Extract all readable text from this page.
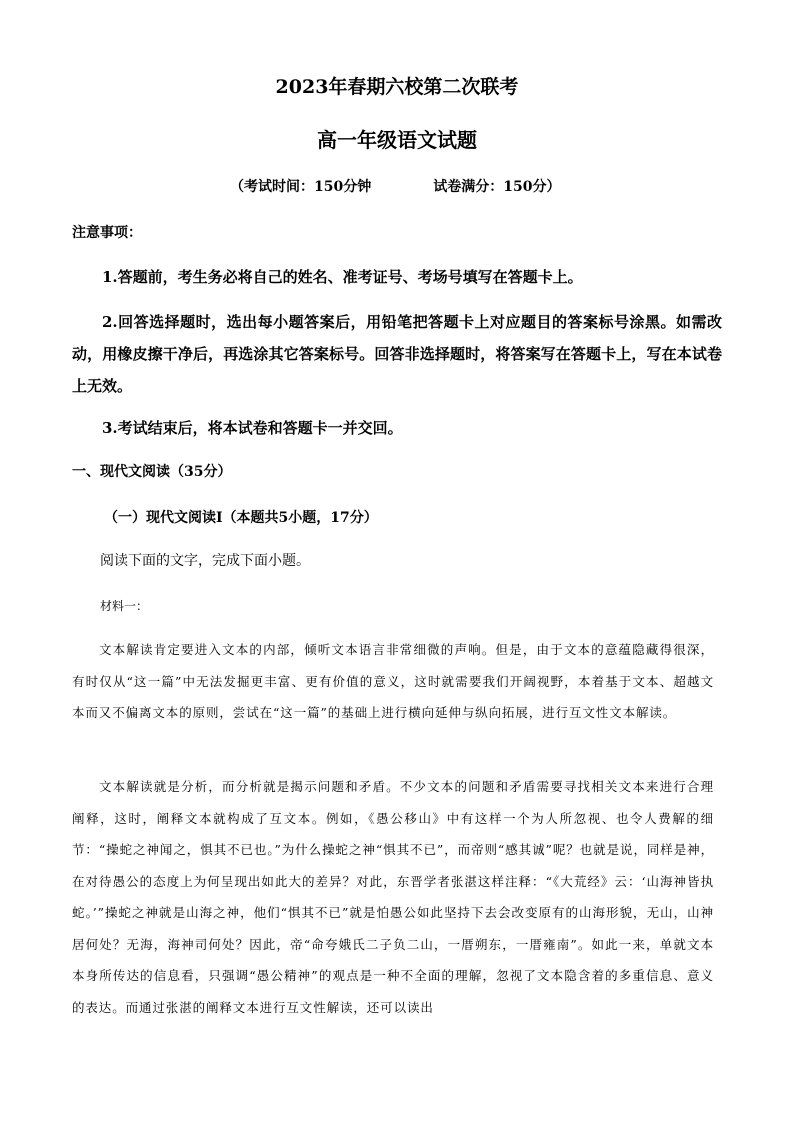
2023年春期六校第二次联考
高一年级语文试题
（考试时间：150分钟	试卷满分：150分）
注意事项：
1.答题前，考生务必将自己的姓名、准考证号、考场号填写在答题卡上。
2.回答选择题时，选出每小题答案后，用铅笔把答题卡上对应题目的答案标号涂黑。如需改动，用橡皮擦干净后，再选涂其它答案标号。回答非选择题时，将答案写在答题卡上，写在本试卷上无效。
3.考试结束后，将本试卷和答题卡一并交回。
一、现代文阅读（35分）
（一）现代文阅读Ⅰ（本题共5小题，17分）
阅读下面的文字，完成下面小题。
材料一：
文本解读肯定要进入文本的内部，倾听文本语言非常细微的声响。但是，由于文本的意蕴隐藏得很深，有时仅从“这一篇”中无法发掘更丰富、更有价值的意义，这时就需要我们开阔视野，本着基于文本、超越文本而又不偏离文本的原则，尝试在“这一篇”的基础上进行横向延伸与纵向拓展，进行互文性文本解读。
文本解读就是分析，而分析就是揭示问题和矛盾。不少文本的问题和矛盾需要寻找相关文本来进行合理阐释，这时，阐释文本就构成了互文本。例如，《愚公移山》中有这样一个为人所忽视、也令人费解的细节：“操蛇之神闻之，惧其不已也。”为什么操蛇之神“惧其不已”，而帝则“感其诚”呢？也就是说，同样是神，在对待愚公的态度上为何呈现出如此大的差异？对此，东晋学者张湛这样注释：“《大荒经》云：‘山海神皆执蛇。’”操蛇之神就是山海之神，他们“惧其不已”就是怕愚公如此坚持下去会改变原有的山海形貌，无山，山神居何处？无海，海神司何处？因此，帝“命夸娥氏二子负二山，一厝朔东，一厝雍南”。如此一来，单就文本本身所传达的信息看，只强调“愚公精神”的观点是一种不全面的理解，忽视了文本隐含着的多重信息、意义的表达。而通过张湛的阐释文本进行互文性解读，还可以读出
